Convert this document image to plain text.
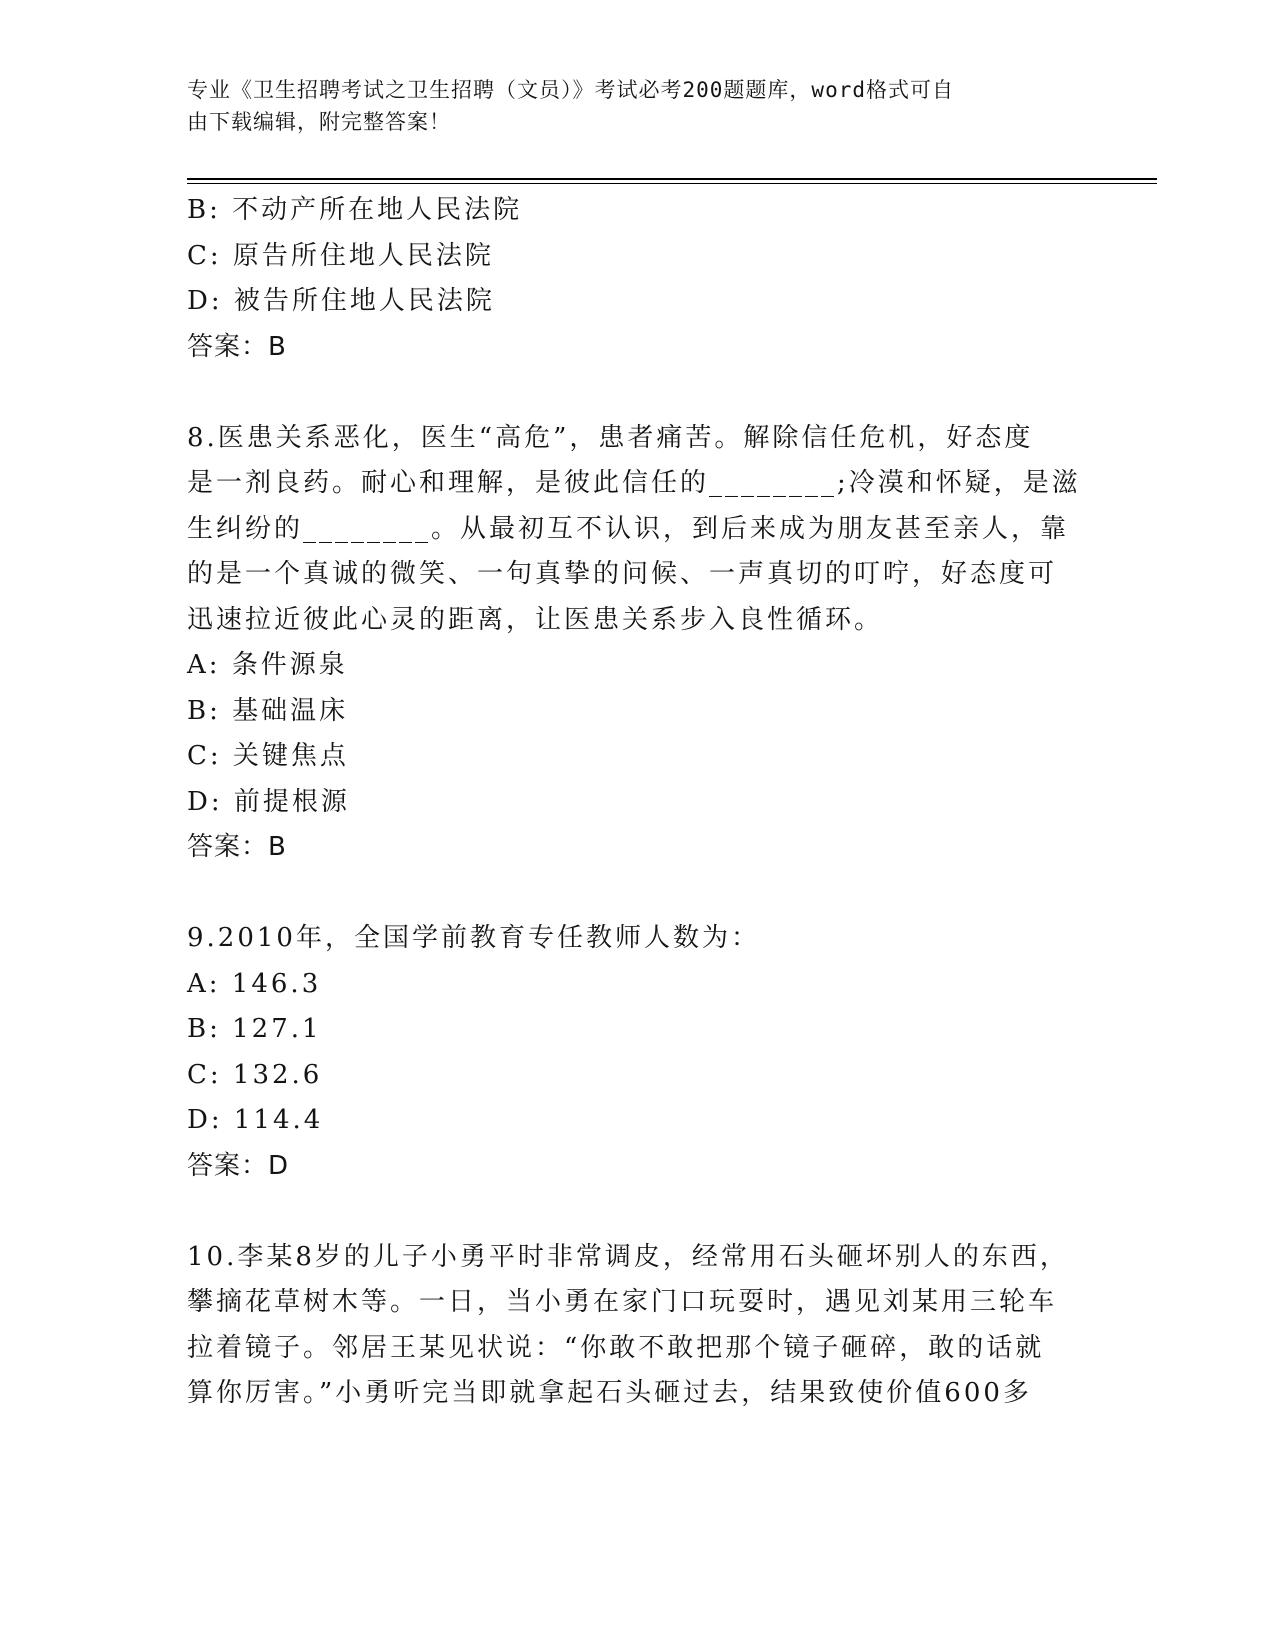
专业《卫生招聘考试之卫生招聘（文员）》考试必考200题题库，word格式可自
由下载编辑，附完整答案！
B: 不动产所在地人民法院
C: 原告所住地人民法院
D: 被告所住地人民法院
答案：B
8.医患关系恶化，医生“高危”，患者痛苦。解除信任危机，好态度
是一剂良药。耐心和理解，是彼此信任的________;冷漠和怀疑，是滋
生纠纷的________。从最初互不认识，到后来成为朋友甚至亲人，靠
的是一个真诚的微笑、一句真挚的问候、一声真切的叮咛，好态度可
迅速拉近彼此心灵的距离，让医患关系步入良性循环。
A: 条件源泉
B: 基础温床
C: 关键焦点
D: 前提根源
答案：B
9.2010年，全国学前教育专任教师人数为：
A: 146.3
B: 127.1
C: 132.6
D: 114.4
答案：D
10.李某8岁的儿子小勇平时非常调皮，经常用石头砸坏别人的东西，
攀摘花草树木等。一日，当小勇在家门口玩耍时，遇见刘某用三轮车
拉着镜子。邻居王某见状说：“你敢不敢把那个镜子砸碎，敢的话就
算你厉害。”小勇听完当即就拿起石头砸过去，结果致使价值600多
